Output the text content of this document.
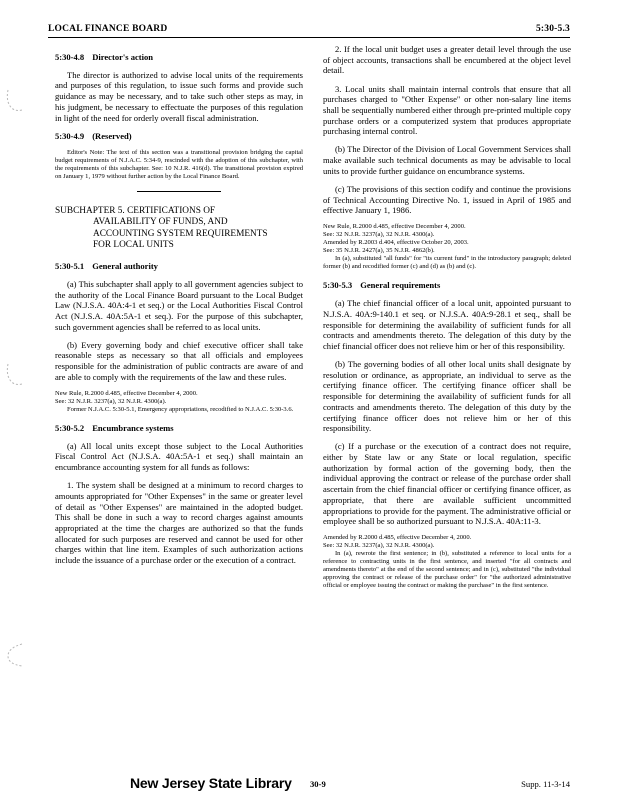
LOCAL FINANCE BOARD	5:30-5.3

5:30-4.8 Director's action

The director is authorized to advise local units of the requirements and purposes of this regulation, to issue such forms and provide such guidance as may be necessary, and to take such other steps as may, in his judgment, be necessary to effectuate the purposes of this regulation in light of the need for orderly overall fiscal administration.

5:30-4.9 (Reserved)

Editor's Note: The text of this section was a transitional provision bridging the capital budget requirements of N.J.A.C. 5:34-9, rescinded with the adoption of this subchapter, with the requirements of this subchapter. See: 10 N.J.R. 416(d). The transitional provision expired on January 1, 1979 without further action by the Local Finance Board.

SUBCHAPTER 5. CERTIFICATIONS OF
AVAILABILITY OF FUNDS, AND
ACCOUNTING SYSTEM REQUIREMENTS
FOR LOCAL UNITS

5:30-5.1 General authority

(a) This subchapter shall apply to all government agencies subject to the authority of the Local Finance Board pursuant to the Local Budget Law (N.J.S.A. 40A:4-1 et seq.) or the Local Authorities Fiscal Control Act (N.J.S.A. 40A:5A-1 et seq.). For the purpose of this subchapter, such government agencies shall be referred to as local units.

(b) Every governing body and chief executive officer shall take reasonable steps as necessary so that all officials and employees responsible for the administration of public contracts are aware of and are able to comply with the requirements of the law and these rules.

New Rule, R.2000 d.485, effective December 4, 2000.

See: 32 N.J.R. 3237(a), 32 N.J.R. 4300(a).

Former N.J.A.C. 5:30-5.1, Emergency appropriations, recodified to N.J.A.C. 5:30-3.6.

5:30-5.2 Encumbrance systems

(a) All local units except those subject to the Local Authorities Fiscal Control Act (N.J.S.A. 40A:5A-1 et seq.) shall maintain an encumbrance accounting system for all funds as follows:

1. The system shall be designed at a minimum to record charges to amounts appropriated for "Other Expenses" in the same or greater level of detail as "Other Expenses" are maintained in the adopted budget. This shall be done in such a way to record charges against amounts appropriated at the time the charges are authorized so that the funds allocated for such purposes are reserved and cannot be used for other charges within that line item. Examples of such authorization actions include the issuance of a purchase order or the execution of a contract.

2. If the local unit budget uses a greater detail level through the use of object accounts, transactions shall be encumbered at the object level detail.

3. Local units shall maintain internal controls that ensure that all purchases charged to "Other Expense" or other non-salary line items shall be sequentially numbered either through pre-printed multiple copy purchase orders or a computerized system that produces appropriate purchasing internal control.

(b) The Director of the Division of Local Government Services shall make available such technical documents as may be advisable to local units to provide further guidance on encumbrance systems.

(c) The provisions of this section codify and continue the provisions of Technical Accounting Directive No. 1, issued in April of 1985 and effective January 1, 1986.

New Rule, R.2000 d.485, effective December 4, 2000.

See: 32 N.J.R. 3237(a), 32 N.J.R. 4300(a).

Amended by R.2003 d.404, effective October 20, 2003.

See: 35 N.J.R. 2427(a), 35 N.J.R. 4862(b).

In (a), substituted "all funds" for "its current fund" in the introductory paragraph; deleted former (b) and recodified former (c) and (d) as (b) and (c).

5:30-5.3 General requirements

(a) The chief financial officer of a local unit, appointed pursuant to N.J.S.A. 40A:9-140.1 et seq. or N.J.S.A. 40A:9-28.1 et seq., shall be responsible for determining the availability of sufficient funds for all contracts and amendments thereto. The delegation of this duty by the chief financial officer does not relieve him or her of this responsibility.

(b) The governing bodies of all other local units shall designate by resolution or ordinance, as appropriate, an individual to serve as the certifying finance officer. The certifying finance officer shall be responsible for determining the availability of sufficient funds for all contracts and amendments thereto. The delegation of this duty by the certifying finance officer does not relieve him or her of this responsibility.

(c) If a purchase or the execution of a contract does not require, either by State law or any State or local regulation, specific authorization by formal action of the governing body, then the individual approving the contract or release of the purchase order shall ascertain from the chief financial officer or certifying finance officer, as appropriate, that there are available sufficient uncommitted appropriations to provide for the payment. The administrative official or employee shall be so authorized pursuant to N.J.S.A. 40A:11-3.

Amended by R.2000 d.485, effective December 4, 2000.

See: 32 N.J.R. 3237(a), 32 N.J.R. 4300(a).

In (a), rewrote the first sentence; in (b), substituted a reference to local units for a reference to contracting units in the first sentence, and inserted "for all contracts and amendments thereto" at the end of the second sentence; and in (c), substituted "the individual approving the contract or release of the purchase order" for "the authorized administrative official or employee issuing the contract or making the purchase" in the first sentence.

New Jersey State Library 30-9	Supp. 11-3-14
